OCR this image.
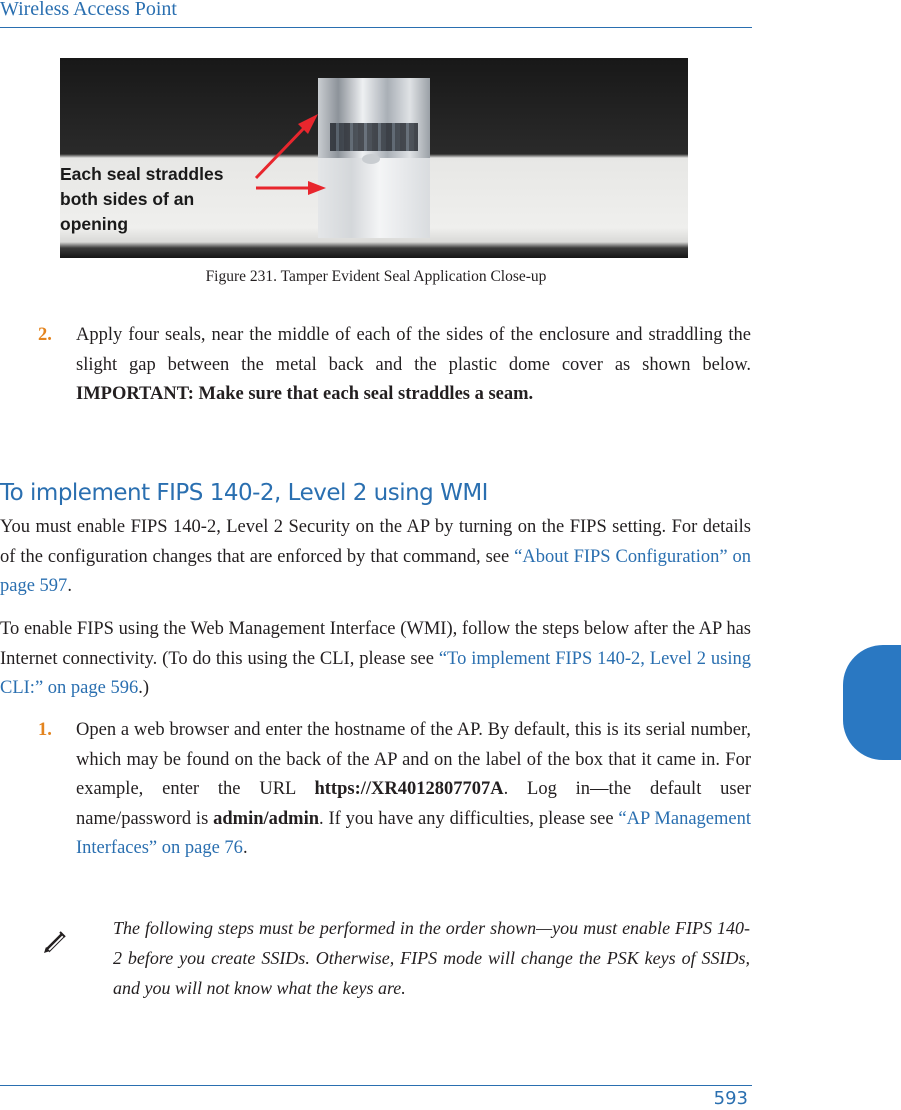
Wireless Access Point
Each seal straddles
both sides of an
opening
Figure 231. Tamper Evident Seal Application Close-up
2. Apply four seals, near the middle of each of the sides of the enclosure and straddling the slight gap between the metal back and the plastic dome cover as shown below. IMPORTANT: Make sure that each seal straddles a seam.
To implement FIPS 140-2, Level 2 using WMI
You must enable FIPS 140-2, Level 2 Security on the AP by turning on the FIPS setting. For details of the configuration changes that are enforced by that command, see “About FIPS Configuration” on page 597.
To enable FIPS using the Web Management Interface (WMI), follow the steps below after the AP has Internet connectivity. (To do this using the CLI, please see “To implement FIPS 140-2, Level 2 using CLI:” on page 596.)
1. Open a web browser and enter the hostname of the AP. By default, this is its serial number, which may be found on the back of the AP and on the label of the box that it came in. For example, enter the URL https://XR4012807707A. Log in—the default user name/password is admin/admin. If you have any difficulties, please see “AP Management Interfaces” on page 76.
The following steps must be performed in the order shown—you must enable FIPS 140-2 before you create SSIDs. Otherwise, FIPS mode will change the PSK keys of SSIDs, and you will not know what the keys are.
593
